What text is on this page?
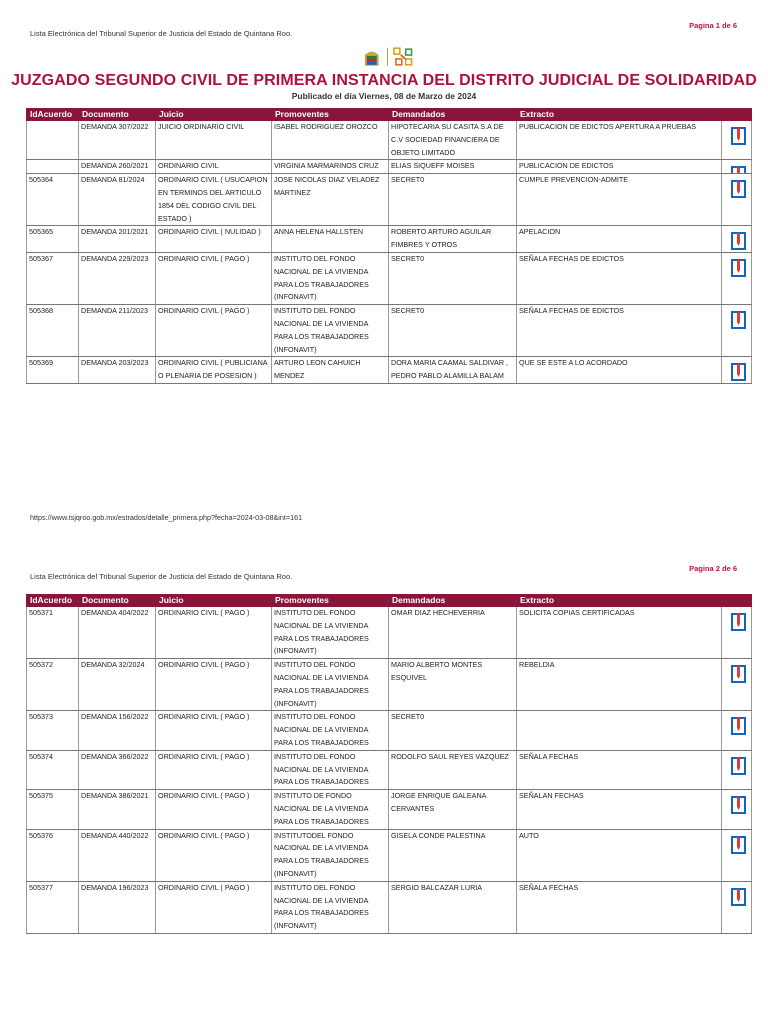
Lista Electrónica del Tribunal Superior de Justicia del Estado de Quintana Roo.
Pagina 1 de 6
JUZGADO SEGUNDO CIVIL DE PRIMERA INSTANCIA DEL DISTRITO JUDICIAL DE SOLIDARIDAD
Publicado el día Viernes, 08 de Marzo de 2024
IdAcuerdo	Documento	Juicio	Promoventes	Demandados	Extracto	
	DEMANDA 307/2022	JUICIO ORDINARIO CIVIL	ISABEL RODRIGUEZ OROZCO	HIPOTECARIA SU CASITA S.A DE C.V SOCIEDAD FINANCIERA DE OBJETO LIMITADO	PUBLICACION DE EDICTOS APERTURA A PRUEBAS	

	DEMANDA 260/2021	ORDINARIO CIVIL	VIRGINIA MARMARINOS CRUZ	ELIAS SIQUEFF MOISES	PUBLICACION DE EDICTOS	

505364	DEMANDA 81/2024	ORDINARIO CIVIL ( USUCAPION EN TERMINOS DEL ARTICULO 1854 DEL CODIGO CIVIL DEL ESTADO )	JOSE NICOLAS DIAZ VELADEZ MARTINEZ	SECRET0	CUMPLE PREVENCION-ADMITE	

505365	DEMANDA 201/2021	ORDINARIO CIVIL ( NULIDAD )	ANNA HELENA HALLSTEN	ROBERTO ARTURO AGUILAR FIMBRES Y OTROS	APELACION	

505367	DEMANDA 229/2023	ORDINARIO CIVIL ( PAGO )	INSTITUTO DEL FONDO NACIONAL DE LA VIVIENDA PARA LOS TRABAJADORES (INFONAVIT)	SECRET0	SEÑALA FECHAS DE EDICTOS	

505368	DEMANDA 211/2023	ORDINARIO CIVIL ( PAGO )	INSTITUTO DEL FONDO NACIONAL DE LA VIVIENDA PARA LOS TRABAJADORES (INFONAVIT)	SECRET0	SEÑALA FECHAS DE EDICTOS	

505369	DEMANDA 203/2023	ORDINARIO CIVIL ( PUBLICIANA O PLENARIA DE POSESION )	ARTURO LEON CAHUICH MENDEZ	DORA MARIA CAAMAL SALDIVAR , PEDRO PABLO ALAMILLA BALAM	QUE SE ESTE A LO ACORDADO	
https://www.tsjqroo.gob.mx/estrados/detalle_primera.php?fecha=2024-03-08&int=161
Lista Electrónica del Tribunal Superior de Justicia del Estado de Quintana Roo.
Pagina 2 de 6
IdAcuerdo	Documento	Juicio	Promoventes	Demandados	Extracto	
505371	DEMANDA 404/2022	ORDINARIO CIVIL ( PAGO )	INSTITUTO DEL FONDO NACIONAL DE LA VIVIENDA PARA LOS TRABAJADORES (INFONAVIT)	OMAR DIAZ HECHEVERRIA	SOLICITA COPIAS CERTIFICADAS	

505372	DEMANDA 32/2024	ORDINARIO CIVIL ( PAGO )	INSTITUTO DEL FONDO NACIONAL DE LA VIVIENDA PARA LOS TRABAJADORES (INFONAVIT)	MARIO ALBERTO MONTES ESQUIVEL	REBELDIA	

505373	DEMANDA 156/2022	ORDINARIO CIVIL ( PAGO )	INSTITUTO DEL FONDO NACIONAL DE LA VIVIENDA PARA LOS TRABAJADORES	SECRET0		

505374	DEMANDA 366/2022	ORDINARIO CIVIL ( PAGO )	INSTITUTO DEL FONDO NACIONAL DE LA VIVIENDA PARA LOS TRABAJADORES	RODOLFO SAUL REYES VAZQUEZ	SEÑALA FECHAS	

505375	DEMANDA 386/2021	ORDINARIO CIVIL ( PAGO )	INSTITUTO DE FONDO NACIONAL DE LA VIVIENDA PARA LOS TRABAJADORES	JORGE ENRIQUE GALEANA CERVANTES	SEÑALAN FECHAS	

505376	DEMANDA 440/2022	ORDINARIO CIVIL ( PAGO )	INSTITUTODEL FONDO NACIONAL DE LA VIVIENDA PARA LOS TRABAJADORES (INFONAVIT)	GISELA CONDE PALESTINA	AUTO	

505377	DEMANDA 196/2023	ORDINARIO CIVIL ( PAGO )	INSTITUTO DEL FONDO NACIONAL DE LA VIVIENDA PARA LOS TRABAJADORES (INFONAVIT)	SERGIO BALCAZAR LURIA	SEÑALA FECHAS	
